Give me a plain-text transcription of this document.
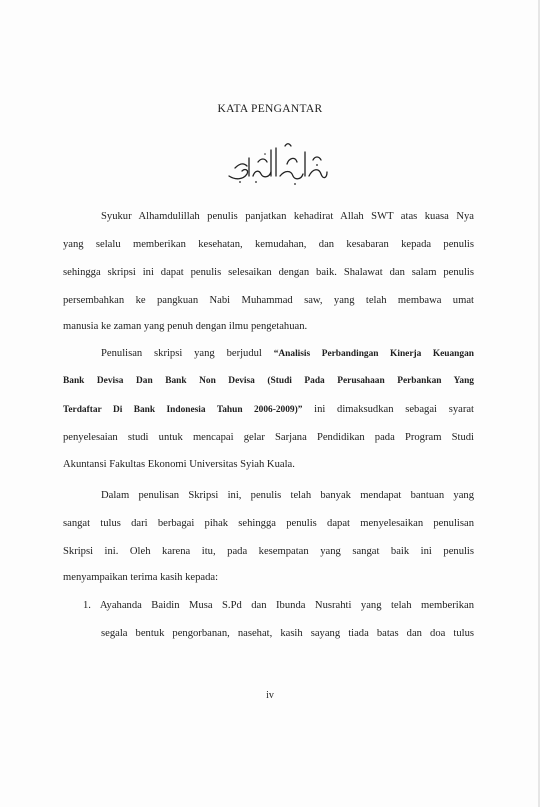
KATA PENGANTAR
Syukur Alhamdulillah penulis panjatkan kehadirat Allah SWT atas kuasa Nya
yang selalu memberikan kesehatan, kemudahan, dan kesabaran kepada penulis
sehingga skripsi ini dapat penulis selesaikan dengan baik. Shalawat dan salam penulis
persembahkan ke pangkuan Nabi Muhammad saw, yang telah membawa umat
manusia ke zaman yang penuh dengan ilmu pengetahuan.
Penulisan skripsi yang berjudul “Analisis Perbandingan Kinerja Keuangan
Bank Devisa Dan Bank Non Devisa (Studi Pada Perusahaan Perbankan Yang
Terdaftar Di Bank Indonesia Tahun 2006-2009)” ini dimaksudkan sebagai syarat
penyelesaian studi untuk mencapai gelar Sarjana Pendidikan pada Program Studi
Akuntansi Fakultas Ekonomi Universitas Syiah Kuala.
Dalam penulisan Skripsi ini, penulis telah banyak mendapat bantuan yang
sangat tulus dari berbagai pihak sehingga penulis dapat menyelesaikan penulisan
Skripsi ini. Oleh karena itu, pada kesempatan yang sangat baik ini penulis
menyampaikan terima kasih kepada:
1. Ayahanda Baidin Musa S.Pd dan Ibunda Nusrahti yang telah memberikan
segala bentuk pengorbanan, nasehat, kasih sayang tiada batas dan doa tulus
iv
